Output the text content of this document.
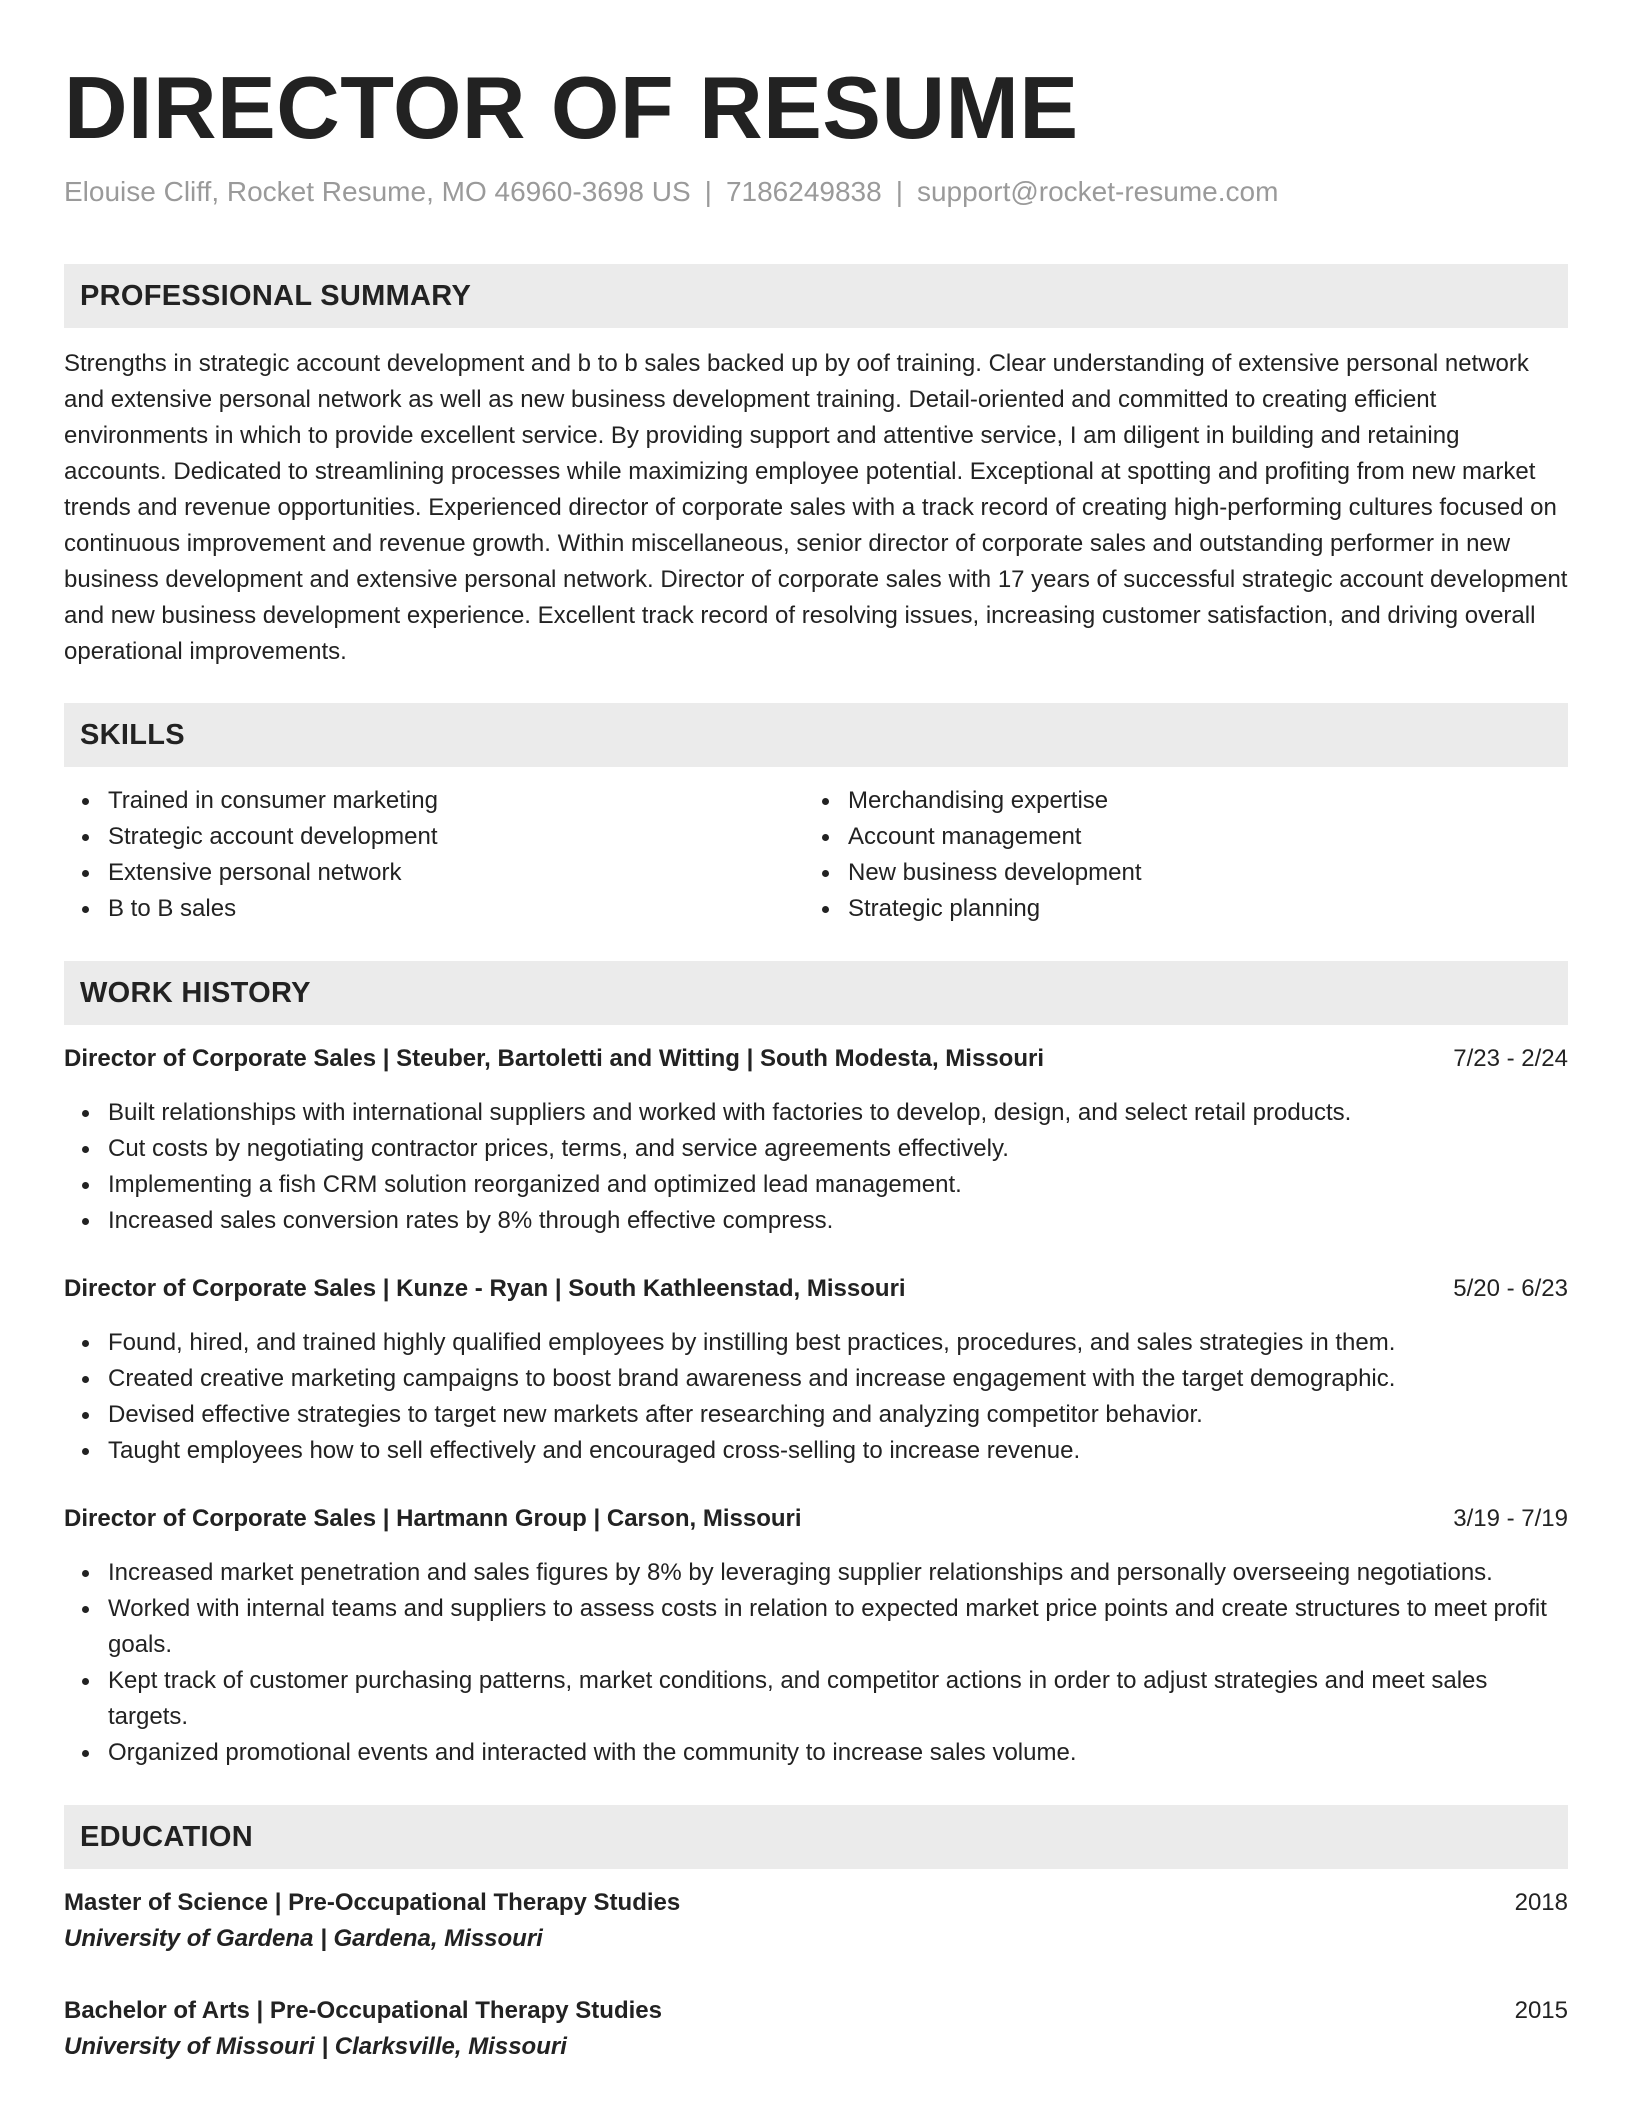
DIRECTOR OF RESUME
Elouise Cliff, Rocket Resume, MO 46960-3698 US | 7186249838 | support@rocket-resume.com
PROFESSIONAL SUMMARY

Strengths in strategic account development and b to b sales backed up by oof training. Clear understanding of extensive personal network and extensive personal network as well as new business development training. Detail-oriented and committed to creating efficient environments in which to provide excellent service. By providing support and attentive service, I am diligent in building and retaining accounts. Dedicated to streamlining processes while maximizing employee potential. Exceptional at spotting and profiting from new market trends and revenue opportunities. Experienced director of corporate sales with a track record of creating high-performing cultures focused on continuous improvement and revenue growth. Within miscellaneous, senior director of corporate sales and outstanding performer in new business development and extensive personal network. Director of corporate sales with 17 years of successful strategic account development and new business development experience. Excellent track record of resolving issues, increasing customer satisfaction, and driving overall operational improvements.

SKILLS
Trained in consumer marketing
Strategic account development
Extensive personal network
B to B sales
Merchandising expertise
Account management
New business development
Strategic planning
WORK HISTORY
Director of Corporate Sales | Steuber, Bartoletti and Witting | South Modesta, Missouri	7/23 - 2/24
Built relationships with international suppliers and worked with factories to develop, design, and select retail products.
Cut costs by negotiating contractor prices, terms, and service agreements effectively.
Implementing a fish CRM solution reorganized and optimized lead management.
Increased sales conversion rates by 8% through effective compress.
Director of Corporate Sales | Kunze - Ryan | South Kathleenstad, Missouri	5/20 - 6/23
Found, hired, and trained highly qualified employees by instilling best practices, procedures, and sales strategies in them.
Created creative marketing campaigns to boost brand awareness and increase engagement with the target demographic.
Devised effective strategies to target new markets after researching and analyzing competitor behavior.
Taught employees how to sell effectively and encouraged cross-selling to increase revenue.
Director of Corporate Sales | Hartmann Group | Carson, Missouri	3/19 - 7/19
Increased market penetration and sales figures by 8% by leveraging supplier relationships and personally overseeing negotiations.
Worked with internal teams and suppliers to assess costs in relation to expected market price points and create structures to meet profit goals.
Kept track of customer purchasing patterns, market conditions, and competitor actions in order to adjust strategies and meet sales targets.
Organized promotional events and interacted with the community to increase sales volume.
EDUCATION
Master of Science | Pre-Occupational Therapy Studies	2018
University of Gardena | Gardena, Missouri
Bachelor of Arts | Pre-Occupational Therapy Studies	2015
University of Missouri | Clarksville, Missouri
